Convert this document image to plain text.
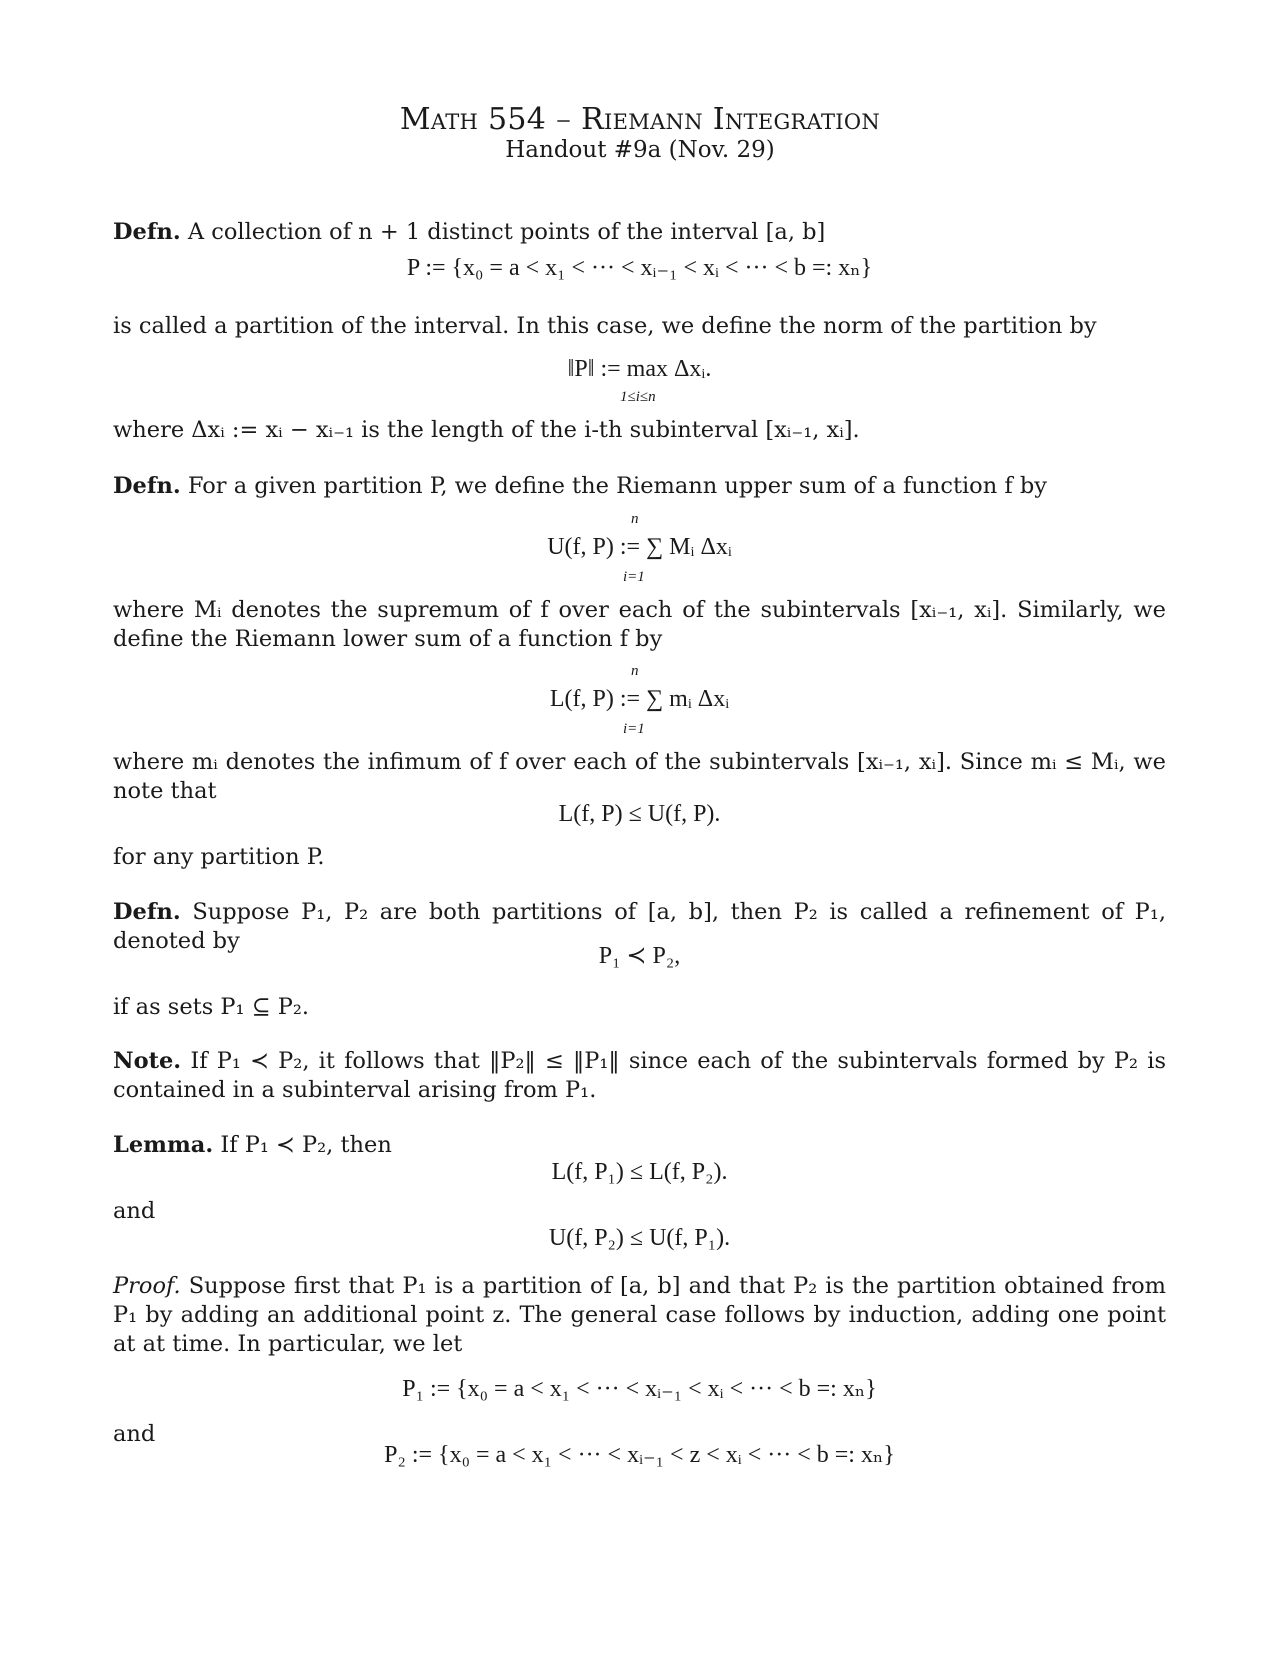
Math 554 – Riemann Integration
Handout #9a (Nov. 29)
Defn. A collection of n + 1 distinct points of the interval [a, b]
P := {x₀ = a < x₁ < ··· < xᵢ₋₁ < xᵢ < ··· < b =: xₙ}
is called a partition of the interval. In this case, we define the norm of the partition by
‖P‖ := max Δxᵢ.
1≤i≤n
where Δxᵢ := xᵢ − xᵢ₋₁ is the length of the i-th subinterval [xᵢ₋₁, xᵢ].
Defn. For a given partition P, we define the Riemann upper sum of a function f by
U(f, P) := ∑ Mᵢ Δxᵢ
n
i=1
where Mᵢ denotes the supremum of f over each of the subintervals [xᵢ₋₁, xᵢ]. Similarly, we define the Riemann lower sum of a function f by
L(f, P) := ∑ mᵢ Δxᵢ
n
i=1
where mᵢ denotes the infimum of f over each of the subintervals [xᵢ₋₁, xᵢ]. Since mᵢ ≤ Mᵢ, we note that
L(f, P) ≤ U(f, P).
for any partition P.
Defn. Suppose P₁, P₂ are both partitions of [a, b], then P₂ is called a refinement of P₁, denoted by
P₁ ≺ P₂,
if as sets P₁ ⊆ P₂.
Note. If P₁ ≺ P₂, it follows that ‖P₂‖ ≤ ‖P₁‖ since each of the subintervals formed by P₂ is contained in a subinterval arising from P₁.
Lemma. If P₁ ≺ P₂, then
L(f, P₁) ≤ L(f, P₂).
and
U(f, P₂) ≤ U(f, P₁).
Proof. Suppose first that P₁ is a partition of [a, b] and that P₂ is the partition obtained from P₁ by adding an additional point z. The general case follows by induction, adding one point at at time. In particular, we let
P₁ := {x₀ = a < x₁ < ··· < xᵢ₋₁ < xᵢ < ··· < b =: xₙ}
and
P₂ := {x₀ = a < x₁ < ··· < xᵢ₋₁ < z < xᵢ < ··· < b =: xₙ}
